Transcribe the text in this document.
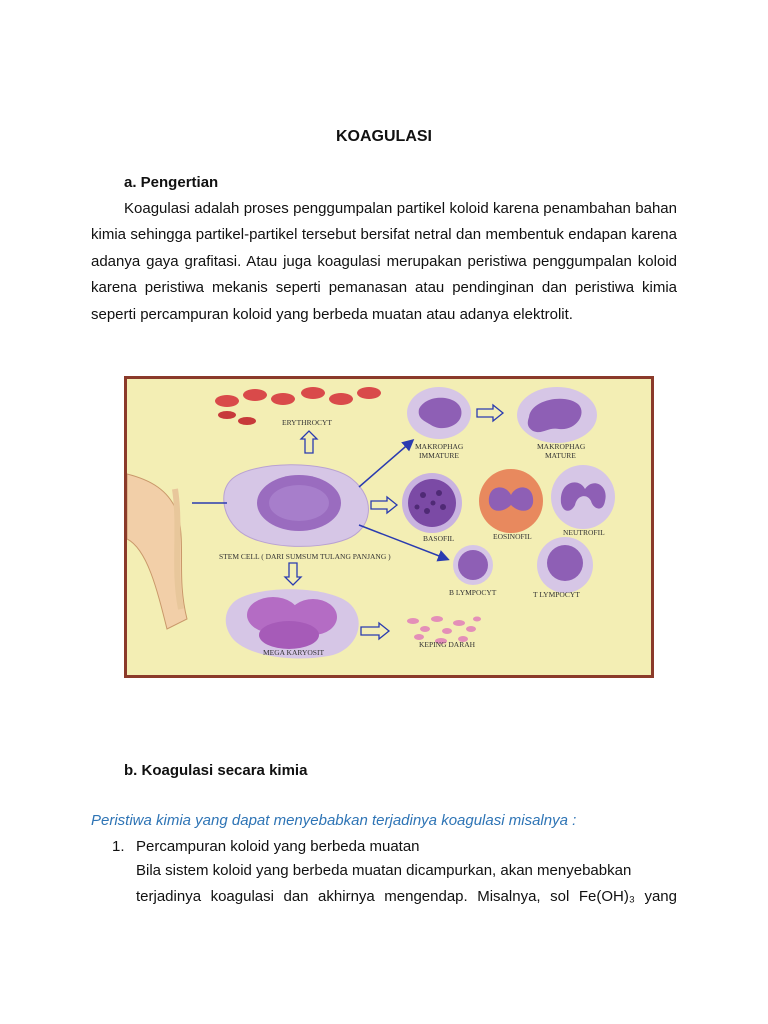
KOAGULASI
a. Pengertian
Koagulasi adalah proses penggumpalan partikel koloid karena penambahan bahan kimia sehingga partikel-partikel tersebut bersifat netral dan membentuk endapan karena adanya gaya grafitasi. Atau juga koagulasi merupakan peristiwa penggumpalan koloid karena peristiwa mekanis seperti pemanasan atau pendinginan dan peristiwa kimia seperti percampuran koloid yang berbeda muatan atau adanya elektrolit.
ERYTHROCYT
STEM CELL ( DARI SUMSUM TULANG PANJANG )
MAKROPHAG
IMMATURE
MAKROPHAG
MATURE
BASOFIL	EOSINOFIL	NEUTROFIL
B LYMPOCYT	T LYMPOCYT
MEGA KARYOSIT
KEPING DARAH
b. Koagulasi secara kimia
Peristiwa kimia yang dapat menyebabkan terjadinya koagulasi misalnya :
1. Percampuran koloid yang berbeda muatan
Bila sistem koloid yang berbeda muatan dicampurkan, akan menyebabkan
terjadinya koagulasi dan akhirnya mengendap. Misalnya, sol Fe(OH)₃ yang
